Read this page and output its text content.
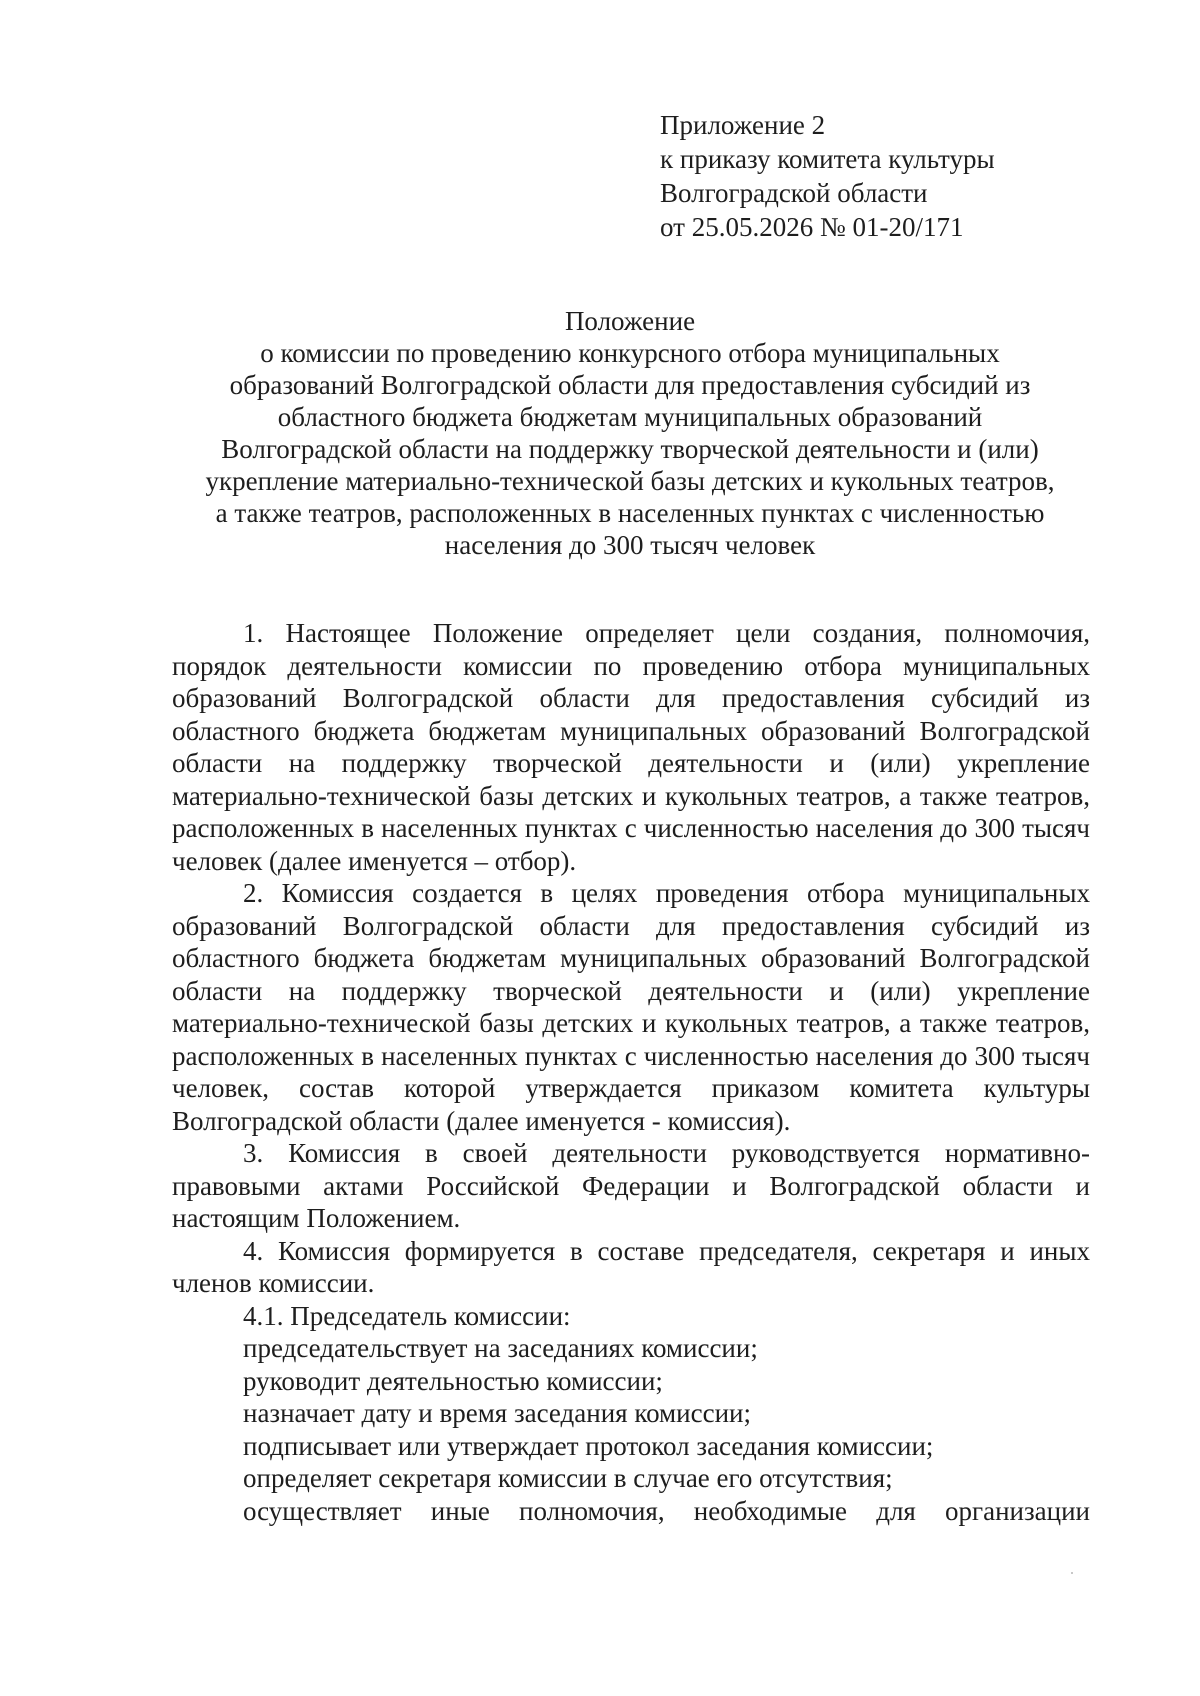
Приложение 2
к приказу комитета культуры
Волгоградской области
от 25.05.2026 № 01-20/171
Положение
о комиссии по проведению конкурсного отбора муниципальных
образований Волгоградской области для предоставления субсидий из
областного бюджета бюджетам муниципальных образований
Волгоградской области на поддержку творческой деятельности и (или)
укрепление материально-технической базы детских и кукольных театров,
а также театров, расположенных в населенных пунктах с численностью
населения до 300 тысяч человек

1. Настоящее Положение определяет цели создания, полномочия, порядок деятельности комиссии по проведению отбора муниципальных образований Волгоградской области для предоставления субсидий из областного бюджета бюджетам муниципальных образований Волгоградской области на поддержку творческой деятельности и (или) укрепление материально-технической базы детских и кукольных театров, а также театров, расположенных в населенных пунктах с численностью населения до 300 тысяч человек (далее именуется – отбор).

2. Комиссия создается в целях проведения отбора муниципальных образований Волгоградской области для предоставления субсидий из областного бюджета бюджетам муниципальных образований Волгоградской области на поддержку творческой деятельности и (или) укрепление материально-технической базы детских и кукольных театров, а также театров, расположенных в населенных пунктах с численностью населения до 300 тысяч человек, состав которой утверждается приказом комитета культуры Волгоградской области (далее именуется - комиссия).

3. Комиссия в своей деятельности руководствуется нормативно-правовыми актами Российской Федерации и Волгоградской области и настоящим Положением.

4. Комиссия формируется в составе председателя, секретаря и иных членов комиссии.

4.1. Председатель комиссии:

председательствует на заседаниях комиссии;

руководит деятельностью комиссии;

назначает дату и время заседания комиссии;

подписывает или утверждает протокол заседания комиссии;

определяет секретаря комиссии в случае его отсутствия;

осуществляет иные полномочия, необходимые для организации
